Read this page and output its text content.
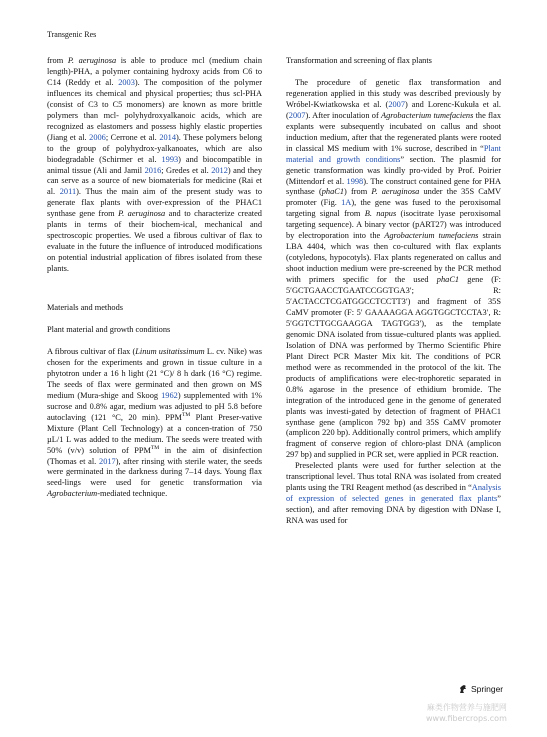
Transgenic Res

from P. aeruginosa is able to produce mcl (medium chain length)-PHA, a polymer containing hydroxy acids from C6 to C14 (Reddy et al. 2003). The composition of the polymer influences its chemical and physical properties; thus scl-PHA (consist of C3 to C5 monomers) are known as more brittle polymers than mcl- polyhydroxyalkanoic acids, which are recognized as elastomers and possess highly elastic properties (Jiang et al. 2006; Cerrone et al. 2014). These polymers belong to the group of polyhydrox-yalkanoates, which are also biodegradable (Schirmer et al. 1993) and biocompatible in animal tissue (Ali and Jamil 2016; Gredes et al. 2012) and they can serve as a source of new biomaterials for medicine (Rai et al. 2011). Thus the main aim of the present study was to generate flax plants with over-expression of the PHAC1 synthase gene from P. aeruginosa and to characterize created plants in terms of their biochem-ical, mechanical and spectroscopic properties. We used a fibrous cultivar of flax to evaluate in the future the influence of introduced modifications on potential industrial application of fibres isolated from these plants.

Materials and methods

Plant material and growth conditions

A fibrous cultivar of flax (Linum usitatissimum L. cv. Nike) was chosen for the experiments and grown in tissue culture in a phytotron under a 16 h light (21 °C)/ 8 h dark (16 °C) regime. The seeds of flax were germinated and then grown on MS medium (Mura-shige and Skoog 1962) supplemented with 1% sucrose and 0.8% agar, medium was adjusted to pH 5.8 before autoclaving (121 °C, 20 min). PPM™ Plant Preser-vative Mixture (Plant Cell Technology) at a concen-tration of 750 µL/1 L was added to the medium. The seeds were treated with 50% (v/v) solution of PPM™ in the aim of disinfection (Thomas et al. 2017), after rinsing with sterile water, the seeds were germinated in the darkness during 7–14 days. Young flax seed-lings were used for genetic transformation via Agrobacterium-mediated technique.

Transformation and screening of flax plants

The procedure of genetic flax transformation and regeneration applied in this study was described previously by Wróbel-Kwiatkowska et al. (2007) and Lorenc-Kukuła et al. (2007). After inoculation of Agrobacterium tumefaciens the flax explants were subsequently incubated on callus and shoot induction medium, after that the regenerated plants were rooted in classical MS medium with 1% sucrose, described in “Plant material and growth conditions” section. The plasmid for genetic transformation was kindly pro-vided by Prof. Poirier (Mittendorf et al. 1998). The construct contained gene for PHA synthase (phaC1) from P. aeruginosa under the 35S CaMV promoter (Fig. 1A), the gene was fused to the peroxisomal targeting signal from B. napus (isocitrate lyase peroxisomal targeting sequence). A binary vector (pART27) was introduced by electroporation into the Agrobacterium tumefaciens strain LBA 4404, which was then co-cultured with flax explants (cotyledons, hypocotyls). Flax plants regenerated on callus and shoot induction medium were pre-screened by the PCR method with primers specific for the used phaC1 gene (F: 5′GCTGAACCTGAATCCGGTGA3′; R: 5′ACTACCTCGATGGCCTCCTT3′) and fragment of 35S CaMV promoter (F: 5′ GAAAAGGA AGGTGGCTCCTA3′, R: 5′GGTCTTGCGAAGGA TAGTGG3′), as the template genomic DNA isolated from tissue-cultured plants was applied. Isolation of DNA was performed by Thermo Scientific Phire Plant Direct PCR Master Mix kit. The conditions of PCR method were as recommended in the protocol of the kit. The products of amplifications were elec-trophoretic separated in 0.8% agarose in the presence of ethidium bromide. The integration of the introduced gene in the genome of generated plants was investi-gated by detection of fragment of PHAC1 synthase gene (amplicon 792 bp) and 35S CaMV promoter (amplicon 220 bp). Additionally control primers, which amplify fragment of conserve region of chloro-plast DNA (amplicon 297 bp) and supplied in PCR set, were applied in PCR reaction.

Preselected plants were used for further selection at the transcriptional level. Thus total RNA was isolated from created plants using the TRI Reagent method (as described in “Analysis of expression of selected genes in generated flax plants” section), and after removing DNA by digestion with DNase I, RNA was used for

Springer
麻类作物营养与施肥网
www.fibercrops.com
